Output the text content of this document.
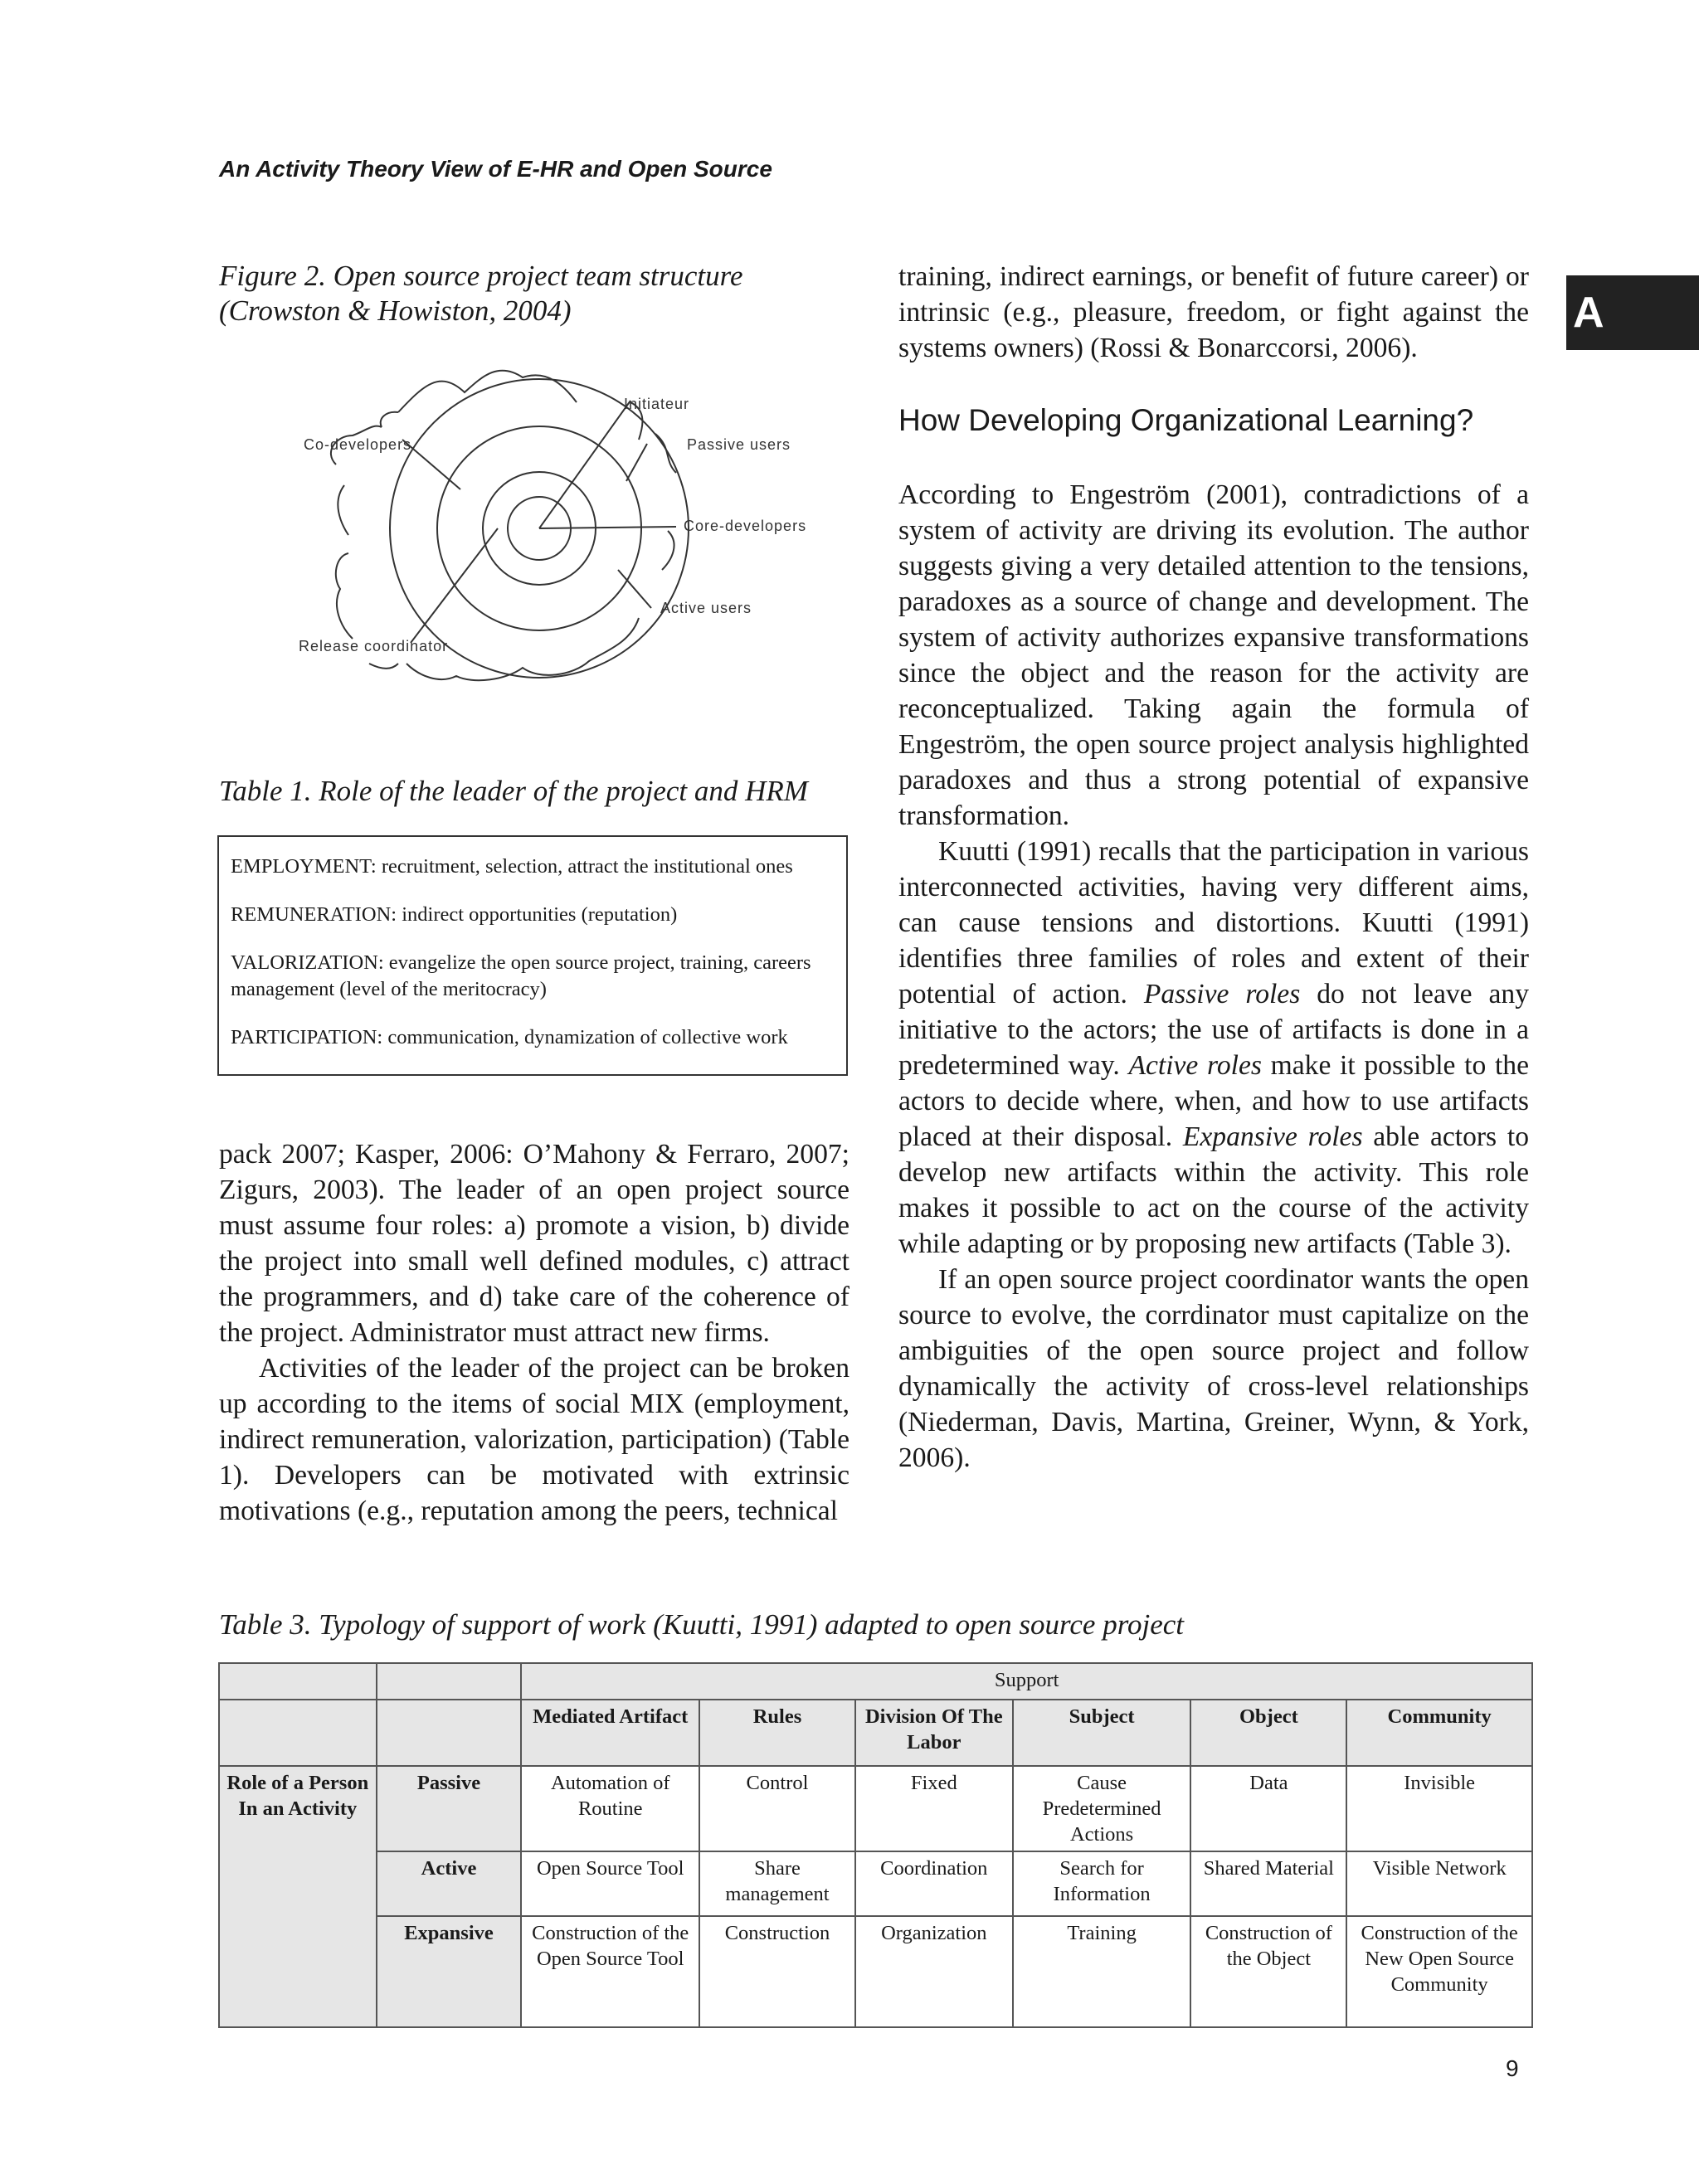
An Activity Theory View of E-HR and Open Source
A
Figure 2. Open source project team structure (Crowston & Howiston, 2004)
Initiateur
Co-developers	Passive users
Core-developers
Active users
Release coordinator
Table 1. Role of the leader of the project and HRM
EMPLOYMENT: recruitment, selection, attract the institutional ones
REMUNERATION: indirect opportunities (reputation)
VALORIZATION: evangelize the open source project, training, careers management (level of the meritocracy)
PARTICIPATION: communication, dynamization of collective work

pack 2007; Kasper, 2006: O’Mahony & Ferraro, 2007; Zigurs, 2003). The leader of an open project source must assume four roles: a) promote a vision, b) divide the project into small well defined modules, c) attract the programmers, and d) take care of the coherence of the project. Administrator must attract new firms.

Activities of the leader of the project can be broken up according to the items of social MIX (employment, indirect remuneration, valorization, participation) (Table 1). Developers can be motivated with extrinsic motivations (e.g., reputation among the peers, technical

training, indirect earnings, or benefit of future career) or intrinsic (e.g., pleasure, freedom, or fight against the systems owners) (Rossi & Bonarccorsi, 2006).

How Developing Organizational Learning?

According to Engeström (2001), contradictions of a system of activity are driving its evolution. The author suggests giving a very detailed attention to the tensions, paradoxes as a source of change and development. The system of activity authorizes expansive transformations since the object and the reason for the activity are reconceptualized. Taking again the formula of Engeström, the open source project analysis highlighted paradoxes and thus a strong potential of expansive transformation.

Kuutti (1991) recalls that the participation in various interconnected activities, having very different aims, can cause tensions and distortions. Kuutti (1991) identifies three families of roles and extent of their potential of action. Passive roles do not leave any initiative to the actors; the use of artifacts is done in a predetermined way. Active roles make it possible to the actors to decide where, when, and how to use artifacts placed at their disposal. Expansive roles able actors to develop new artifacts within the activity. This role makes it possible to act on the course of the activity while adapting or by proposing new artifacts (Table 3).

If an open source project coordinator wants the open source to evolve, the corrdinator must capitalize on the ambiguities of the open source project and follow dynamically the activity of cross-level relationships (Niederman, Davis, Martina, Greiner, Wynn, & York, 2006).

Table 3. Typology of support of work (Kuutti, 1991) adapted to open source project
		Support					
		Mediated Artifact	Rules	Division Of The Labor	Subject	Object	Community
Role of a Person In an Activity	Passive	Automation of Routine	Control	Fixed	Cause Predetermined Actions	Data	Invisible
	Active	Open Source Tool	Share management	Coordination	Search for Information	Shared Material	Visible Network
	Expansive	Construction of the Open Source Tool	Construction	Organization	Training	Construction of the Object	Construction of the New Open Source Community
9
